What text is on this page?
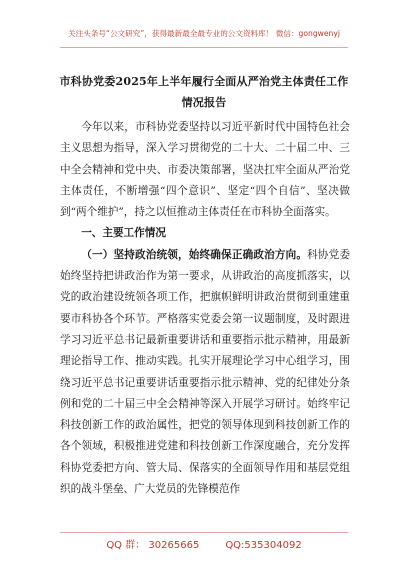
关注头条号“公文研究”，获得最新最全最专业的公文资料库！ 微信：gongwenyj
市科协党委2025年上半年履行全面从严治党主体责任工作
情况报告

今年以来，市科协党委坚持以习近平新时代中国特色社会主义思想为指导，深入学习贯彻党的二十大、二十届二中、三中全会精神和党中央、市委决策部署，坚决扛牢全面从严治党主体责任，不断增强“四个意识”、坚定“四个自信”、坚决做到“两个维护”，持之以恒推动主体责任在市科协全面落实。

一、主要工作情况

（一）坚持政治统领，始终确保正确政治方向。科协党委始终坚持把讲政治作为第一要求，从讲政治的高度抓落实，以党的政治建设统领各项工作，把旗帜鲜明讲政治贯彻到重建重要市科协各个环节。严格落实党委会第一议题制度，及时跟进学习习近平总书记最新重要讲话和重要指示批示精神，用最新理论指导工作、推动实践。扎实开展理论学习中心组学习，围绕习近平总书记重要讲话重要指示批示精神、党的纪律处分条例和党的二十届三中全会精神等深入开展学习研讨。始终牢记科技创新工作的政治属性，把党的领导体现到科技创新工作的各个领域，积极推进党建和科技创新工作深度融合，充分发挥科协党委把方向、管大局、保落实的全面领导作用和基层党组织的战斗堡垒、广大党员的先锋模范作

QQ 群： 30265665	QQ:535304092
